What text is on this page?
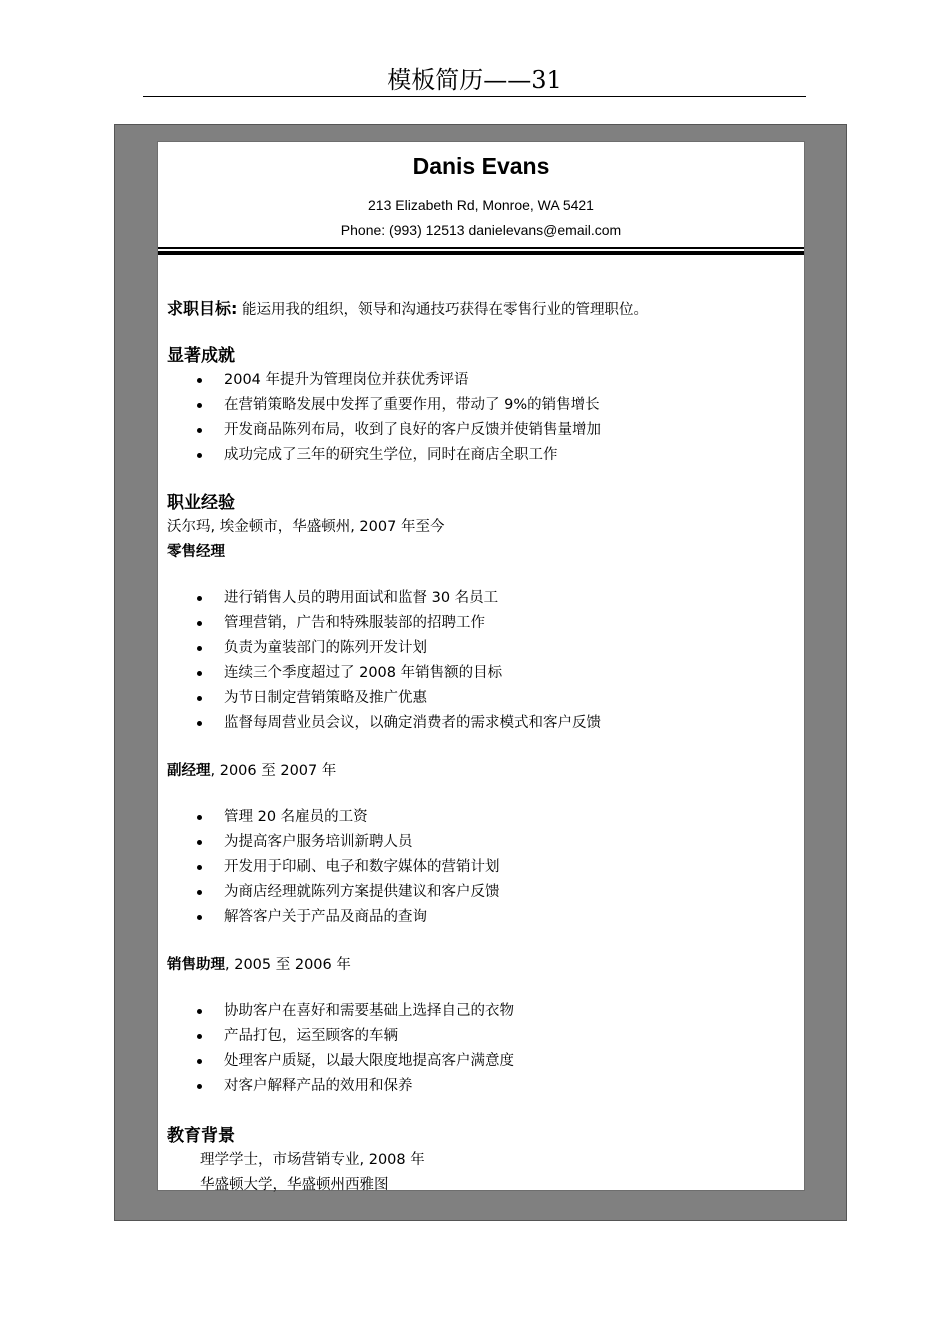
模板简历——31
Danis Evans
213 Elizabeth Rd, Monroe, WA 5421
Phone: (993) 12513 danielevans@email.com
求职目标: 能运用我的组织，领导和沟通技巧获得在零售行业的管理职位。
显著成就
2004 年提升为管理岗位并获优秀评语
在营销策略发展中发挥了重要作用，带动了 9%的销售增长
开发商品陈列布局，收到了良好的客户反馈并使销售量增加
成功完成了三年的研究生学位，同时在商店全职工作
职业经验
沃尔玛, 埃金顿市，华盛顿州, 2007 年至今
零售经理
进行销售人员的聘用面试和监督 30 名员工
管理营销，广告和特殊服装部的招聘工作
负责为童装部门的陈列开发计划
连续三个季度超过了 2008 年销售额的目标
为节日制定营销策略及推广优惠
监督每周营业员会议，以确定消费者的需求模式和客户反馈
副经理, 2006 至 2007 年
管理 20 名雇员的工资
为提高客户服务培训新聘人员
开发用于印刷、电子和数字媒体的营销计划
为商店经理就陈列方案提供建议和客户反馈
解答客户关于产品及商品的查询
销售助理, 2005 至 2006 年
协助客户在喜好和需要基础上选择自己的衣物
产品打包，运至顾客的车辆
处理客户质疑，以最大限度地提高客户满意度
对客户解释产品的效用和保养
教育背景
理学学士，市场营销专业, 2008 年
华盛顿大学，华盛顿州西雅图
